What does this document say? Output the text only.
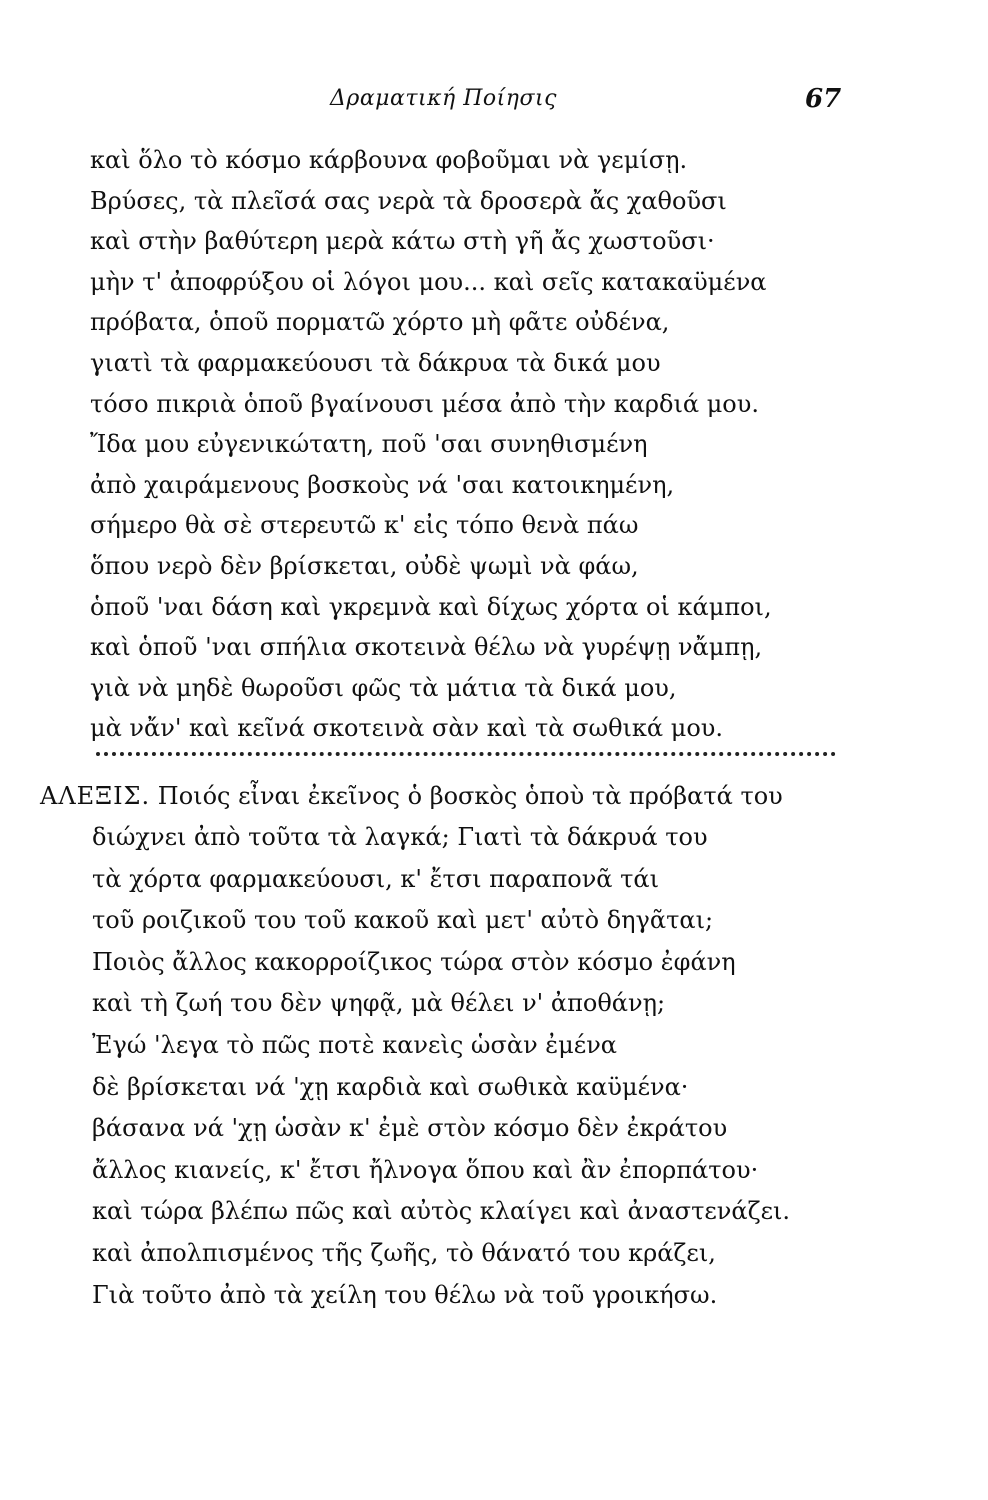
Δραματική Ποίησις	67
καὶ ὅλο τὸ κόσμο κάρβουνα φοβοῦμαι νὰ γεμίσῃ.
Βρύσες, τὰ πλεῖσά σας νερὰ τὰ δροσερὰ ἄς χαθοῦσι
καὶ στὴν βαθύτερη μερὰ κάτω στὴ γῆ ἄς χωστοῦσι·
μὴν τ' ἀποφρύξου οἱ λόγοι μου... καὶ σεῖς κατακαϋμένα
πρόβατα, ὁποῦ πορματῶ χόρτο μὴ φᾶτε οὐδένα,
γιατὶ τὰ φαρμακεύουσι τὰ δάκρυα τὰ δικά μου
τόσο πικριὰ ὁποῦ βγαίνουσι μέσα ἀπὸ τὴν καρδιά μου.
Ἴδα μου εὐγενικώτατη, ποῦ 'σαι συνηθισμένη
ἀπὸ χαιράμενους βοσκοὺς νά 'σαι κατοικημένη,
σήμερο θὰ σὲ στερευτῶ κ' εἰς τόπο θενὰ πάω
ὅπου νερὸ δὲν βρίσκεται, οὐδὲ ψωμὶ νὰ φάω,
ὁποῦ 'ναι δάση καὶ γκρεμνὰ καὶ δίχως χόρτα οἱ κάμποι,
καὶ ὁποῦ 'ναι σπήλια σκοτεινὰ θέλω νὰ γυρέψῃ νἄμπῃ,
γιὰ νὰ μηδὲ θωροῦσι φῶς τὰ μάτια τὰ δικά μου,
μὰ νἄν' καὶ κεῖνά σκοτεινὰ σὰν καὶ τὰ σωθικά μου.
ΑΛΕΞΙΣ. Ποιός εἶναι ἐκεῖνος ὁ βοσκὸς ὁποὺ τὰ πρόβατά του
διώχνει ἀπὸ τοῦτα τὰ λαγκά; Γιατὶ τὰ δάκρυά του
τὰ χόρτα φαρμακεύουσι, κ' ἔτσι παραπονᾶ τάι
τοῦ ροιζικοῦ του τοῦ κακοῦ καὶ μετ' αὐτὸ δηγᾶται;
Ποιὸς ἄλλος κακορροίζικος τώρα στὸν κόσμο ἐφάνη
καὶ τὴ ζωή του δὲν ψηφᾷ, μὰ θέλει ν' ἀποθάνῃ;
Ἐγώ 'λεγα τὸ πῶς ποτὲ κανεὶς ὡσὰν ἐμένα
δὲ βρίσκεται νά 'χῃ καρδιὰ καὶ σωθικὰ καϋμένα·
βάσανα νά 'χῃ ὡσὰν κ' ἐμὲ στὸν κόσμο δὲν ἐκράτου
ἄλλος κιανείς, κ' ἔτσι ἤλνογα ὅπου καὶ ἂν ἐπορπάτου·
καὶ τώρα βλέπω πῶς καὶ αὐτὸς κλαίγει καὶ ἀναστενάζει.
καὶ ἀπολπισμένος τῆς ζωῆς, τὸ θάνατό του κράζει,
Γιὰ τοῦτο ἀπὸ τὰ χείλη του θέλω νὰ τοῦ γροικήσω.
